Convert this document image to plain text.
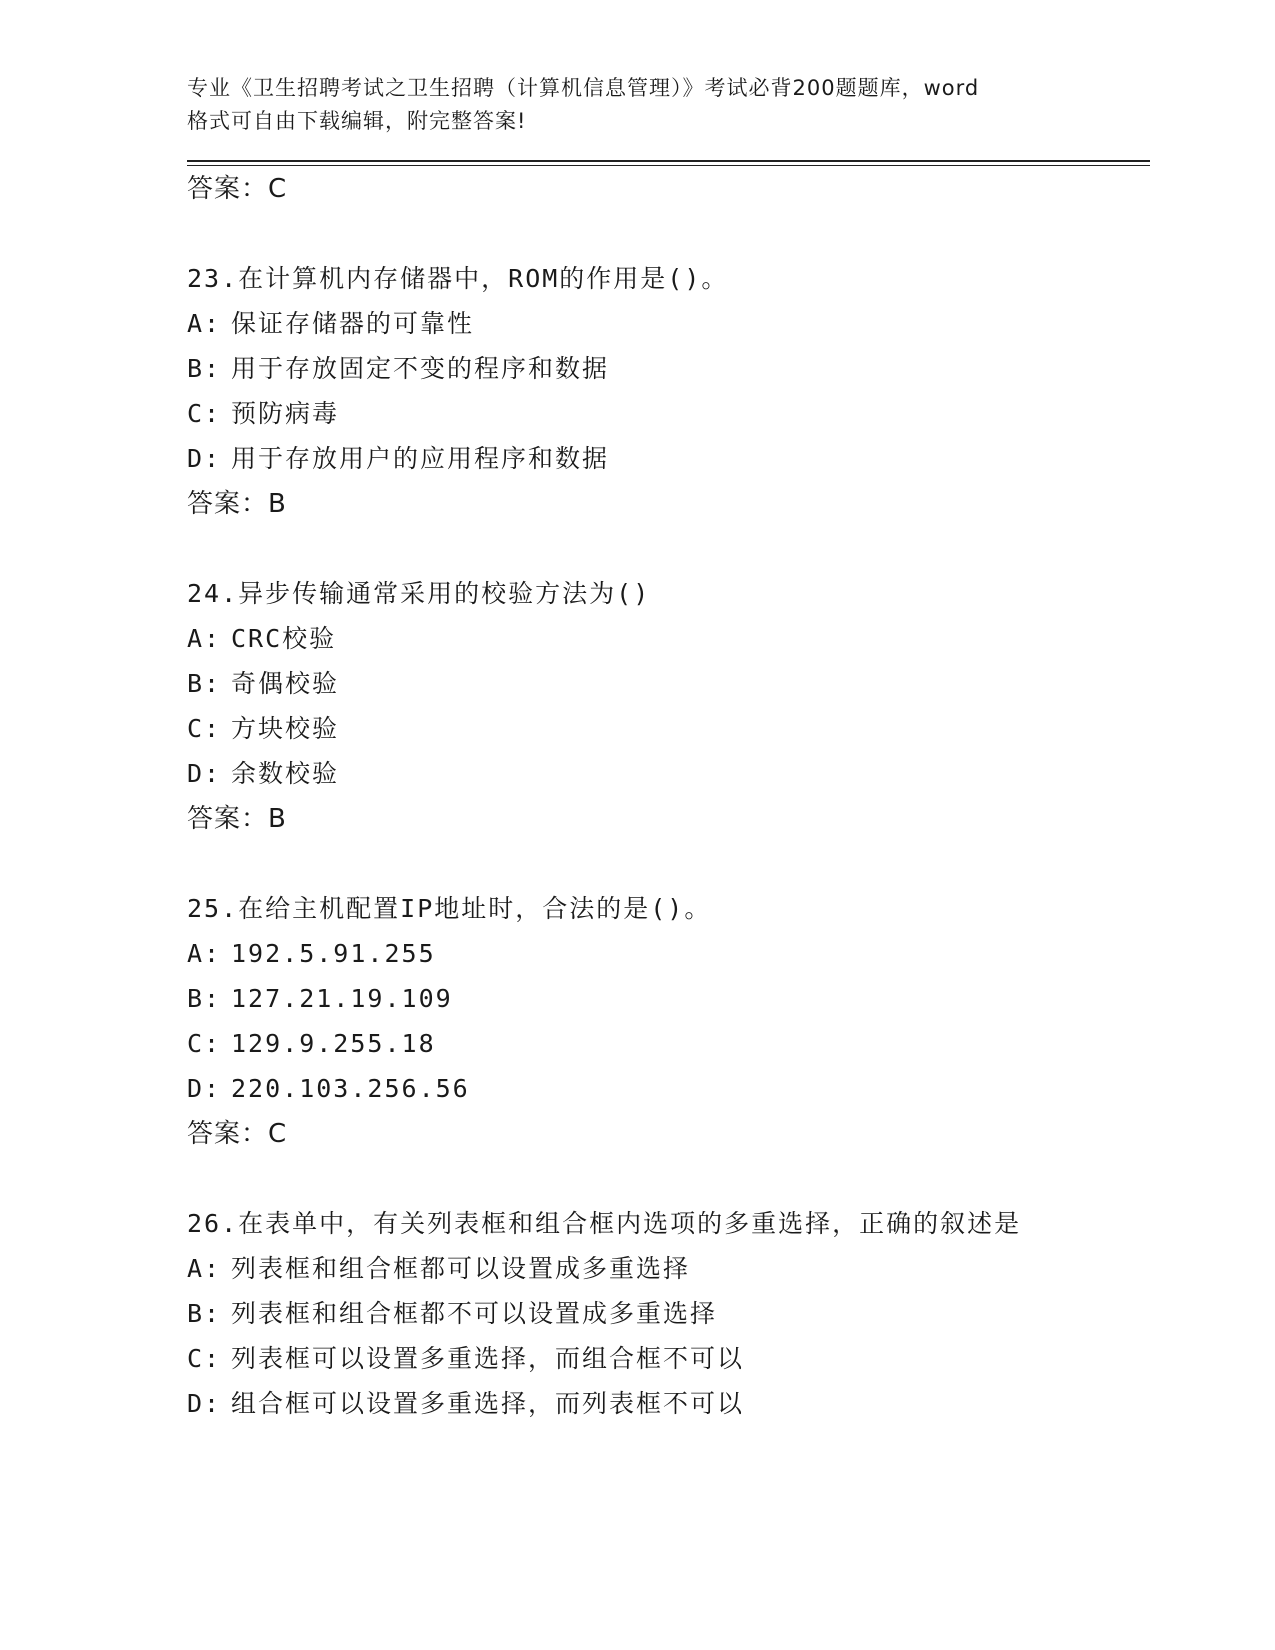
专业《卫生招聘考试之卫生招聘（计算机信息管理）》考试必背200题题库，word
格式可自由下载编辑，附完整答案!

答案：C

23.在计算机内存储器中，ROM的作用是()。

A: 保证存储器的可靠性

B: 用于存放固定不变的程序和数据

C: 预防病毒

D: 用于存放用户的应用程序和数据

答案：B

24.异步传输通常采用的校验方法为()

A: CRC校验

B: 奇偶校验

C: 方块校验

D: 余数校验

答案：B

25.在给主机配置IP地址时，合法的是()。

A: 192.5.91.255

B: 127.21.19.109

C: 129.9.255.18

D: 220.103.256.56

答案：C

26.在表单中，有关列表框和组合框内选项的多重选择，正确的叙述是

A: 列表框和组合框都可以设置成多重选择

B: 列表框和组合框都不可以设置成多重选择

C: 列表框可以设置多重选择，而组合框不可以

D: 组合框可以设置多重选择，而列表框不可以
